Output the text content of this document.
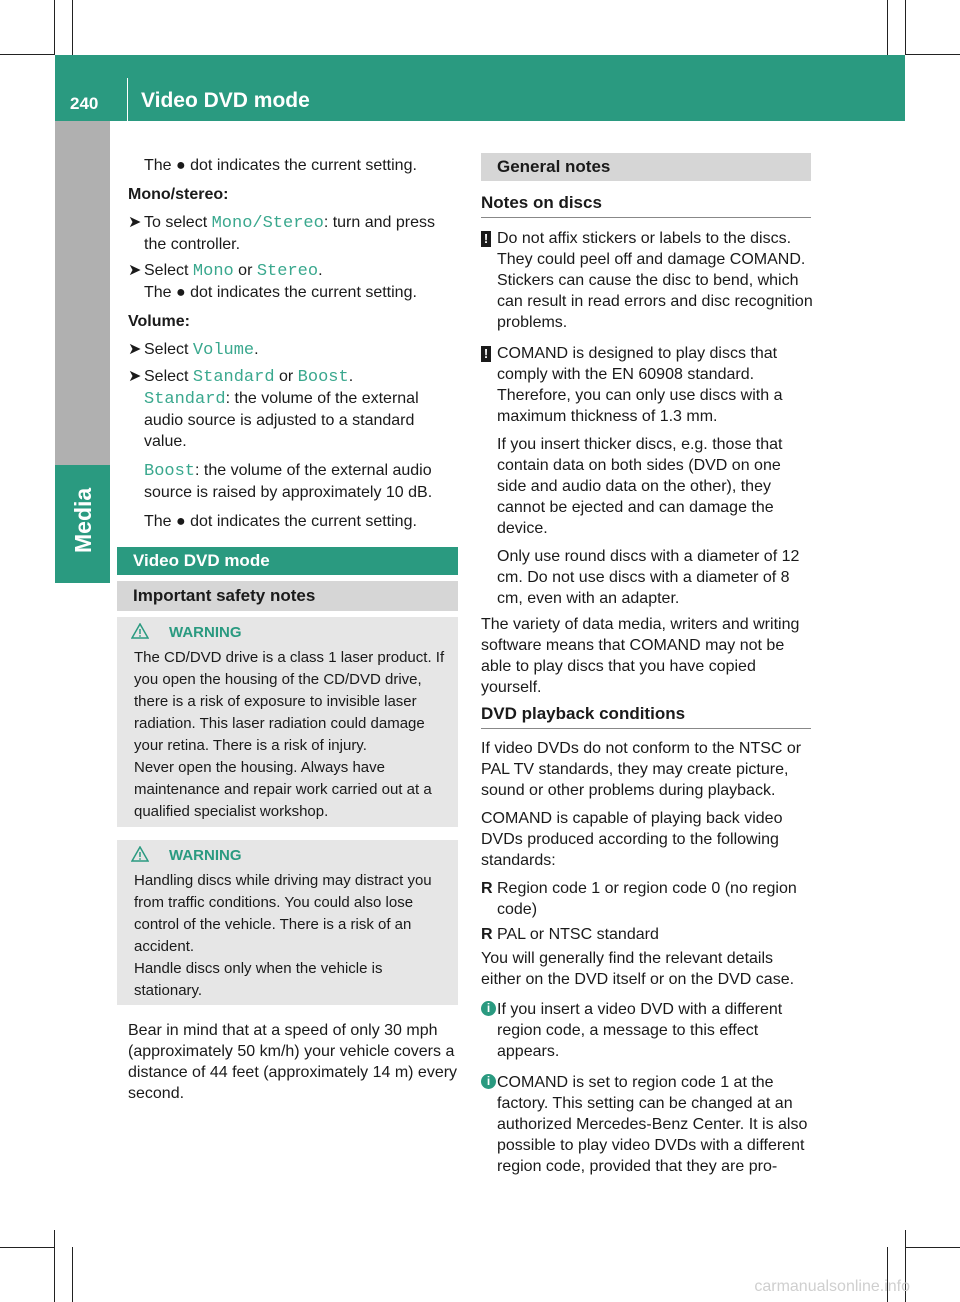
240 Video DVD mode
Media

The ● dot indicates the current setting.

Mono/stereo:

➤ To select Mono/Stereo: turn and press the controller.
➤ Select Mono or Stereo.
The ● dot indicates the current setting.

Volume:

➤ Select Volume.
➤ Select Standard or Boost.
Standard: the volume of the external audio source is adjusted to a standard value.
Boost: the volume of the external audio source is raised by approximately 10 dB.
The ● dot indicates the current setting.
Video DVD mode
Important safety notes
WARNING
The CD/DVD drive is a class 1 laser product. If you open the housing of the CD/DVD drive, there is a risk of exposure to invisible laser radiation. This laser radiation could damage your retina. There is a risk of injury.
Never open the housing. Always have maintenance and repair work carried out at a qualified specialist workshop.
WARNING
Handling discs while driving may distract you from traffic conditions. You could also lose control of the vehicle. There is a risk of an accident.
Handle discs only when the vehicle is stationary.
Bear in mind that at a speed of only 30 mph (approximately 50 km/h) your vehicle covers a distance of 44 feet (approximately 14 m) every second.
General notes
Notes on discs
! Do not affix stickers or labels to the discs. They could peel off and damage COMAND. Stickers can cause the disc to bend, which can result in read errors and disc recognition problems.
! COMAND is designed to play discs that comply with the EN 60908 standard. Therefore, you can only use discs with a maximum thickness of 1.3 mm.
If you insert thicker discs, e.g. those that contain data on both sides (DVD on one side and audio data on the other), they cannot be ejected and can damage the device.
Only use round discs with a diameter of 12 cm. Do not use discs with a diameter of 8 cm, even with an adapter.

The variety of data media, writers and writing software means that COMAND may not be able to play discs that you have copied yourself.

DVD playback conditions

If video DVDs do not conform to the NTSC or PAL TV standards, they may create picture, sound or other problems during playback.

COMAND is capable of playing back video DVDs produced according to the following standards:

R Region code 1 or region code 0 (no region code)
R PAL or NTSC standard

You will generally find the relevant details either on the DVD itself or on the DVD case.

i If you insert a video DVD with a different region code, a message to this effect appears.
i COMAND is set to region code 1 at the factory. This setting can be changed at an authorized Mercedes-Benz Center. It is also possible to play video DVDs with a different region code, provided that they are pro-
carmanualsonline.info
